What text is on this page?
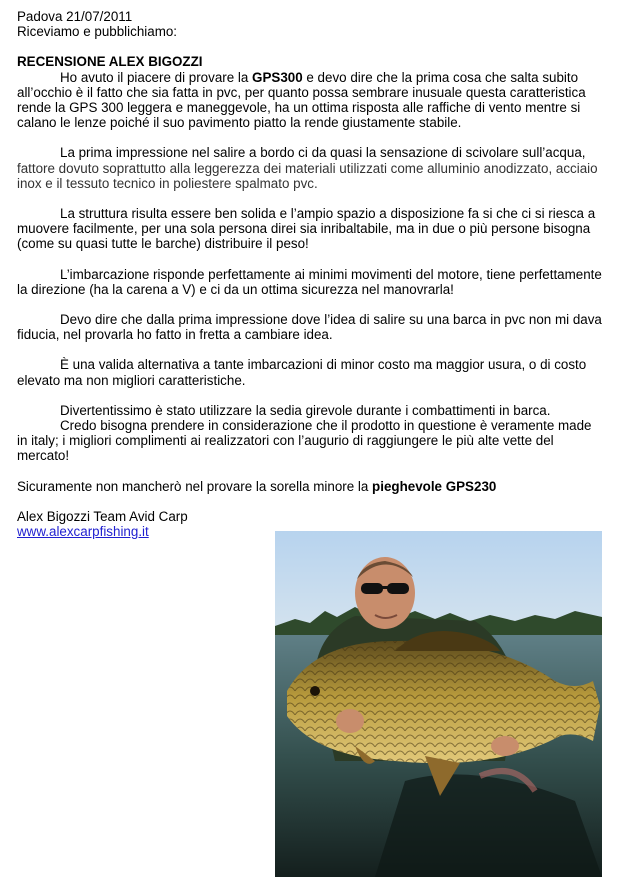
Padova 21/07/2011
Riceviamo e pubblichiamo:
RECENSIONE ALEX BIGOZZI

Ho avuto il piacere di provare la GPS300 e devo dire che la prima cosa che salta subito
all’occhio è il fatto che sia fatta in pvc, per quanto possa sembrare inusuale questa caratteristica
rende la GPS 300 leggera e maneggevole, ha un ottima risposta alle raffiche di vento mentre si
calano le lenze poiché il suo pavimento piatto la rende giustamente stabile.

La prima impressione nel salire a bordo ci da quasi la sensazione di scivolare sull’acqua,
fattore dovuto soprattutto alla leggerezza dei materiali utilizzati come alluminio anodizzato, acciaio
inox e il tessuto tecnico in poliestere spalmato pvc.

La struttura risulta essere ben solida e l’ampio spazio a disposizione fa si che ci si riesca a
muovere facilmente, per una sola persona direi sia inribaltabile, ma in due o più persone bisogna
(come su quasi tutte le barche) distribuire il peso!

L’imbarcazione risponde perfettamente ai minimi movimenti del motore, tiene perfettamente
la direzione (ha la carena a V) e ci da un ottima sicurezza nel manovrarla!

Devo dire che dalla prima impressione dove l’idea di salire su una barca in pvc non mi dava
fiducia, nel provarla ho fatto in fretta a cambiare idea.

È una valida alternativa a tante imbarcazioni di minor costo ma maggior usura, o di costo
elevato ma non migliori caratteristiche.

Divertentissimo è stato utilizzare la sedia girevole durante i combattimenti in barca.
Credo bisogna prendere in considerazione che il prodotto in questione è veramente made
in italy; i migliori complimenti ai realizzatori con l’augurio di raggiungere le più alte vette del
mercato!

Sicuramente non mancherò nel provare la sorella minore la pieghevole GPS230

Alex Bigozzi Team Avid Carp
www.alexcarpfishing.it
